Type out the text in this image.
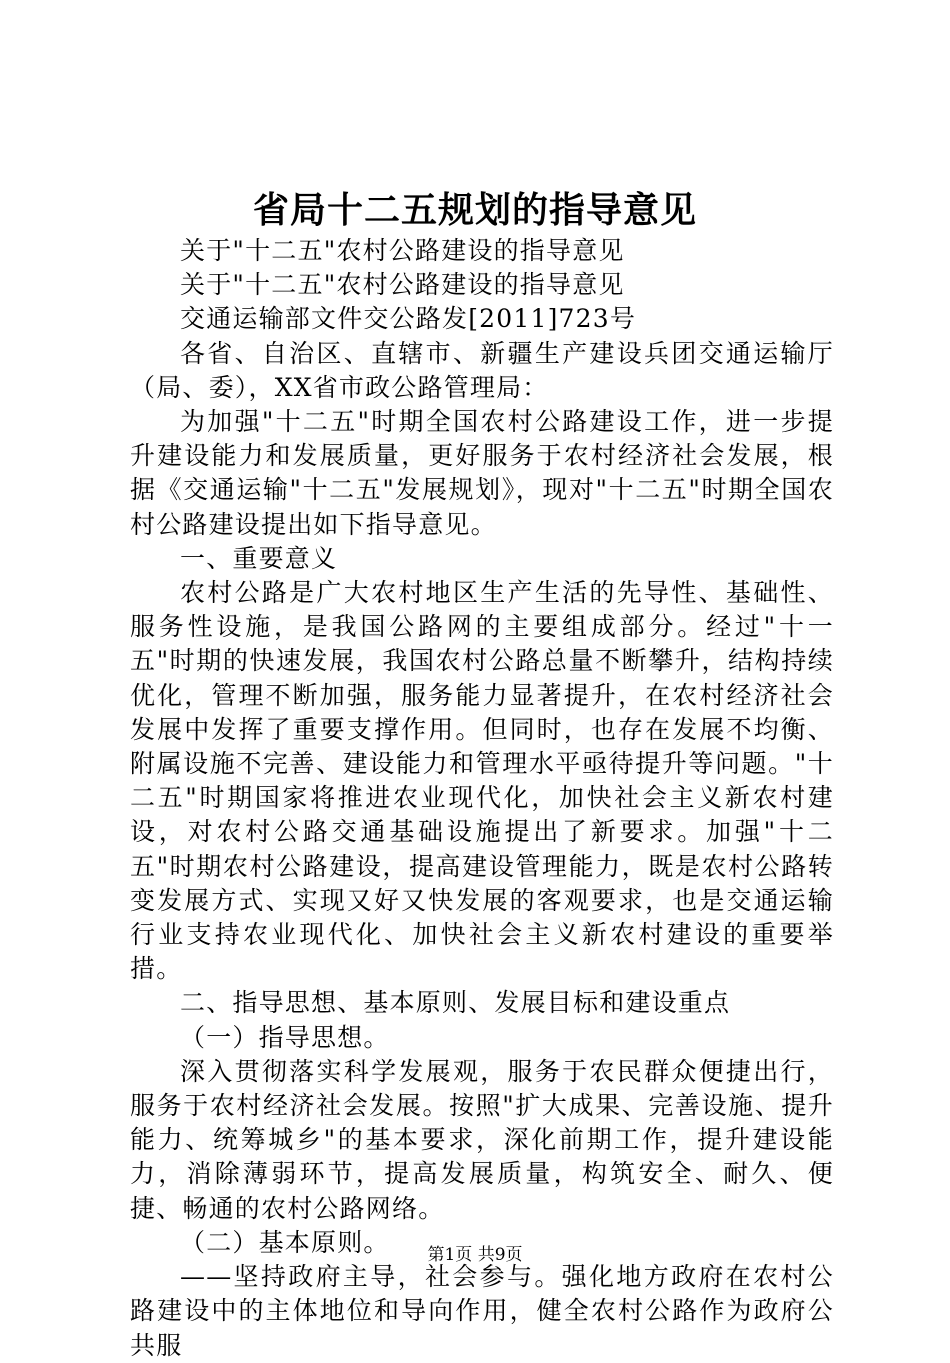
省局十二五规划的指导意见

关于"十二五"农村公路建设的指导意见

关于"十二五"农村公路建设的指导意见

交通运输部文件交公路发[2011]723号

各省、自治区、直辖市、新疆生产建设兵团交通运输厅（局、委），XX省市政公路管理局：

为加强"十二五"时期全国农村公路建设工作，进一步提升建设能力和发展质量，更好服务于农村经济社会发展，根据《交通运输"十二五"发展规划》，现对"十二五"时期全国农村公路建设提出如下指导意见。

一、重要意义

农村公路是广大农村地区生产生活的先导性、基础性、服务性设施，是我国公路网的主要组成部分。经过"十一五"时期的快速发展，我国农村公路总量不断攀升，结构持续优化，管理不断加强，服务能力显著提升，在农村经济社会发展中发挥了重要支撑作用。但同时，也存在发展不均衡、附属设施不完善、建设能力和管理水平亟待提升等问题。"十二五"时期国家将推进农业现代化，加快社会主义新农村建设，对农村公路交通基础设施提出了新要求。加强"十二五"时期农村公路建设，提高建设管理能力，既是农村公路转变发展方式、实现又好又快发展的客观要求，也是交通运输行业支持农业现代化、加快社会主义新农村建设的重要举措。

二、指导思想、基本原则、发展目标和建设重点

（一）指导思想。

深入贯彻落实科学发展观，服务于农民群众便捷出行，服务于农村经济社会发展。按照"扩大成果、完善设施、提升能力、统筹城乡"的基本要求，深化前期工作，提升建设能力，消除薄弱环节，提高发展质量，构筑安全、耐久、便捷、畅通的农村公路网络。

（二）基本原则。

——坚持政府主导，社会参与。强化地方政府在农村公路建设中的主体地位和导向作用，健全农村公路作为政府公共服

第1页 共9页
